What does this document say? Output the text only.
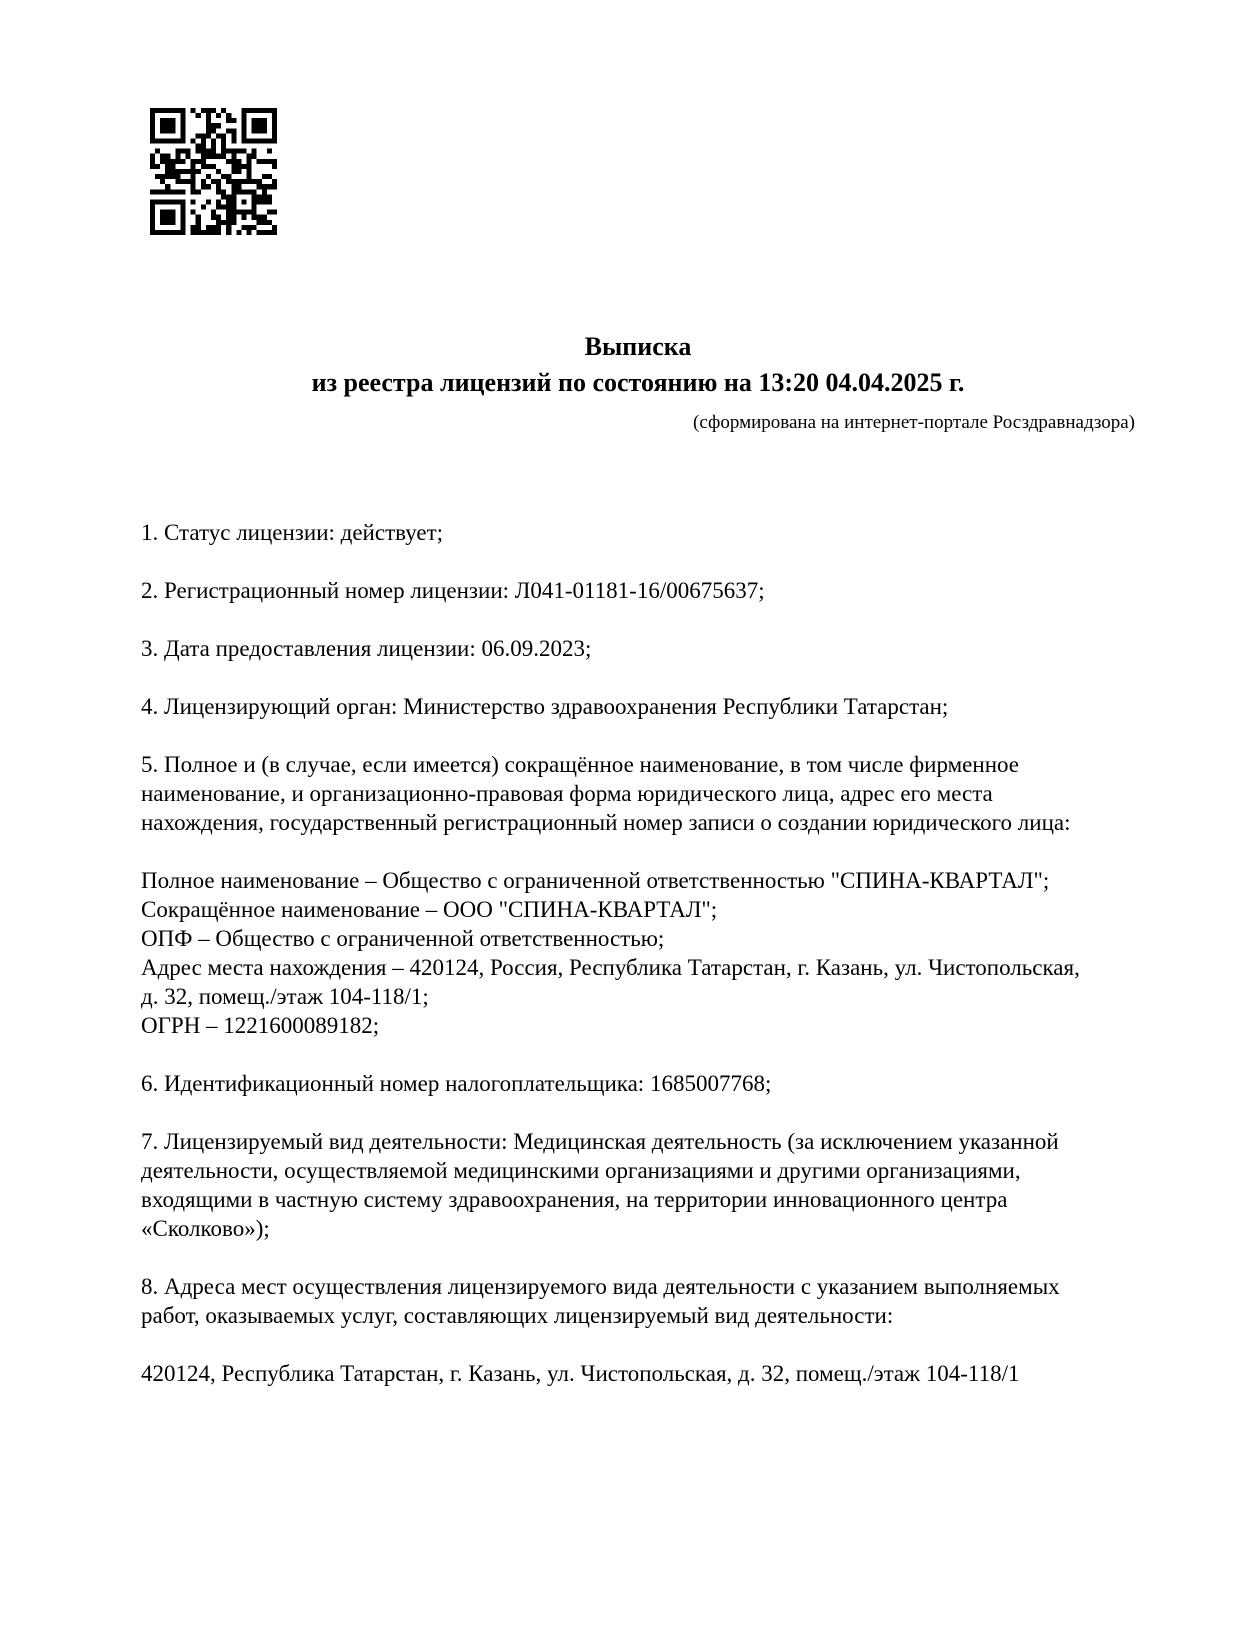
Выписка
из реестра лицензий по состоянию на 13:20 04.04.2025 г.
(сформирована на интернет-портале Росздравнадзора)

1. Статус лицензии: действует;

2. Регистрационный номер лицензии: Л041-01181-16/00675637;

3. Дата предоставления лицензии: 06.09.2023;

4. Лицензирующий орган: Министерство здравоохранения Республики Татарстан;

5. Полное и (в случае, если имеется) сокращённое наименование, в том числе фирменное
наименование, и организационно-правовая форма юридического лица, адрес его места
нахождения, государственный регистрационный номер записи о создании юридического лица:

Полное наименование – Общество с ограниченной ответственностью "СПИНА-КВАРТАЛ";
Сокращённое наименование – ООО "СПИНА-КВАРТАЛ";
ОПФ – Общество с ограниченной ответственностью;
Адрес места нахождения – 420124, Россия, Республика Татарстан, г. Казань, ул. Чистопольская,
д. 32, помещ./этаж 104-118/1;
ОГРН – 1221600089182;

6. Идентификационный номер налогоплательщика: 1685007768;

7. Лицензируемый вид деятельности: Медицинская деятельность (за исключением указанной
деятельности, осуществляемой медицинскими организациями и другими организациями,
входящими в частную систему здравоохранения, на территории инновационного центра
«Сколково»);

8. Адреса мест осуществления лицензируемого вида деятельности с указанием выполняемых
работ, оказываемых услуг, составляющих лицензируемый вид деятельности:

420124, Республика Татарстан, г. Казань, ул. Чистопольская, д. 32, помещ./этаж 104-118/1
